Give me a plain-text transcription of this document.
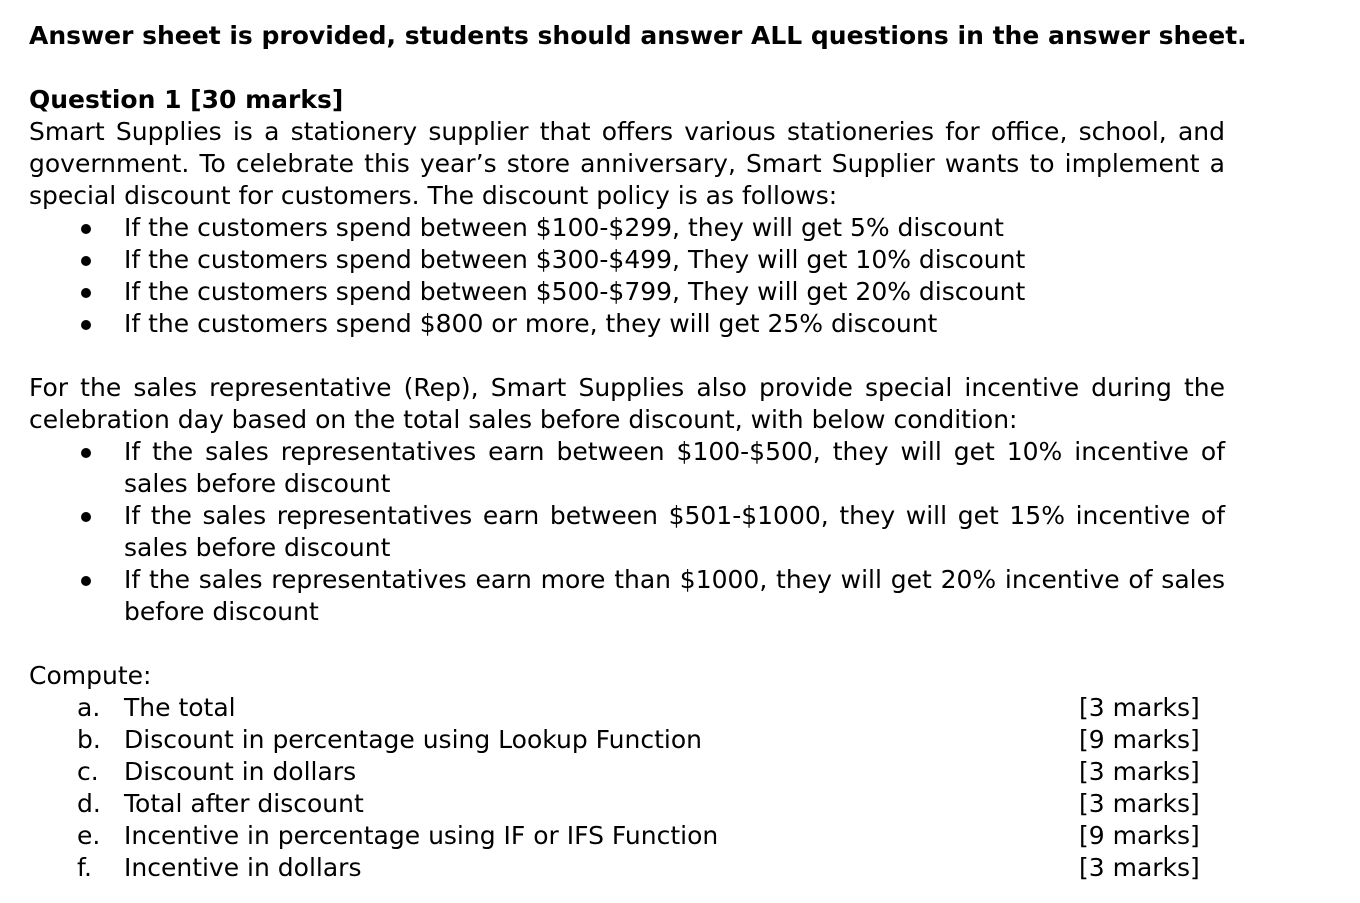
Answer sheet is provided, students should answer ALL questions in the answer sheet.
Question 1 [30 marks]
Smart Supplies is a stationery supplier that offers various stationeries for office, school, and government. To celebrate this year’s store anniversary, Smart Supplier wants to implement a special discount for customers. The discount policy is as follows:
If the customers spend between $100-$299, they will get 5% discount
If the customers spend between $300-$499, They will get 10% discount
If the customers spend between $500-$799, They will get 20% discount
If the customers spend $800 or more, they will get 25% discount
For the sales representative (Rep), Smart Supplies also provide special incentive during the celebration day based on the total sales before discount, with below condition:
If the sales representatives earn between $100-$500, they will get 10% incentive of sales before discount
If the sales representatives earn between $501-$1000, they will get 15% incentive of sales before discount
If the sales representatives earn more than $1000, they will get 20% incentive of sales before discount
Compute:
a. The total	[3 marks]
b. Discount in percentage using Lookup Function	[9 marks]
c. Discount in dollars	[3 marks]
d. Total after discount	[3 marks]
e. Incentive in percentage using IF or IFS Function	[9 marks]
f. Incentive in dollars	[3 marks]
